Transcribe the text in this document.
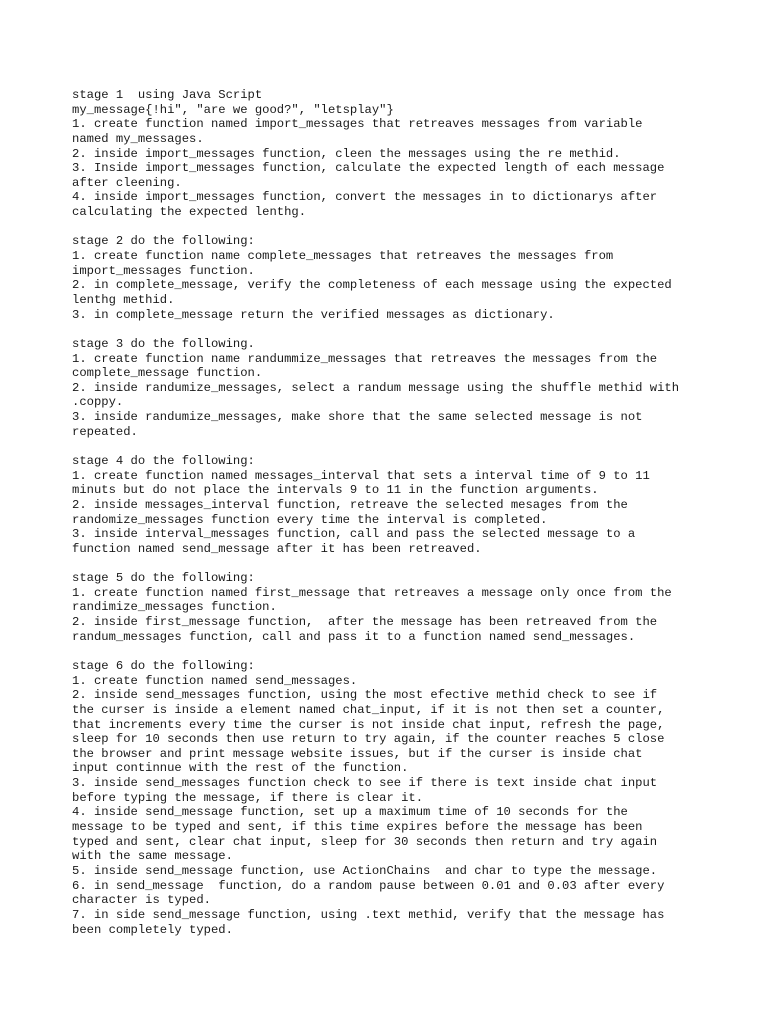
stage 1  using Java Script
my_message{!hi", "are we good?", "letsplay"}
1. create function named import_messages that retreaves messages from variable
named my_messages.
2. inside import_messages function, cleen the messages using the re methid.
3. Inside import_messages function, calculate the expected length of each message
after cleening.
4. inside import_messages function, convert the messages in to dictionarys after
calculating the expected lenthg.
stage 2 do the following:
1. create function name complete_messages that retreaves the messages from
import_messages function.
2. in complete_message, verify the completeness of each message using the expected
lenthg methid.
3. in complete_message return the verified messages as dictionary.
stage 3 do the following.
1. create function name randummize_messages that retreaves the messages from the
complete_message function.
2. inside randumize_messages, select a randum message using the shuffle methid with
.coppy.
3. inside randumize_messages, make shore that the same selected message is not
repeated.
stage 4 do the following:
1. create function named messages_interval that sets a interval time of 9 to 11
minuts but do not place the intervals 9 to 11 in the function arguments.
2. inside messages_interval function, retreave the selected mesages from the
randomize_messages function every time the interval is completed.
3. inside interval_messages function, call and pass the selected message to a
function named send_message after it has been retreaved.
stage 5 do the following:
1. create function named first_message that retreaves a message only once from the
randimize_messages function.
2. inside first_message function,  after the message has been retreaved from the
randum_messages function, call and pass it to a function named send_messages.
stage 6 do the following:
1. create function named send_messages.
2. inside send_messages function, using the most efective methid check to see if
the curser is inside a element named chat_input, if it is not then set a counter,
that increments every time the curser is not inside chat input, refresh the page,
sleep for 10 seconds then use return to try again, if the counter reaches 5 close
the browser and print message website issues, but if the curser is inside chat
input continnue with the rest of the function.
3. inside send_messages function check to see if there is text inside chat input
before typing the message, if there is clear it.
4. inside send_message function, set up a maximum time of 10 seconds for the
message to be typed and sent, if this time expires before the message has been
typed and sent, clear chat input, sleep for 30 seconds then return and try again
with the same message.
5. inside send_message function, use ActionChains  and char to type the message.
6. in send_message  function, do a random pause between 0.01 and 0.03 after every
character is typed.
7. in side send_message function, using .text methid, verify that the message has
been completely typed.
